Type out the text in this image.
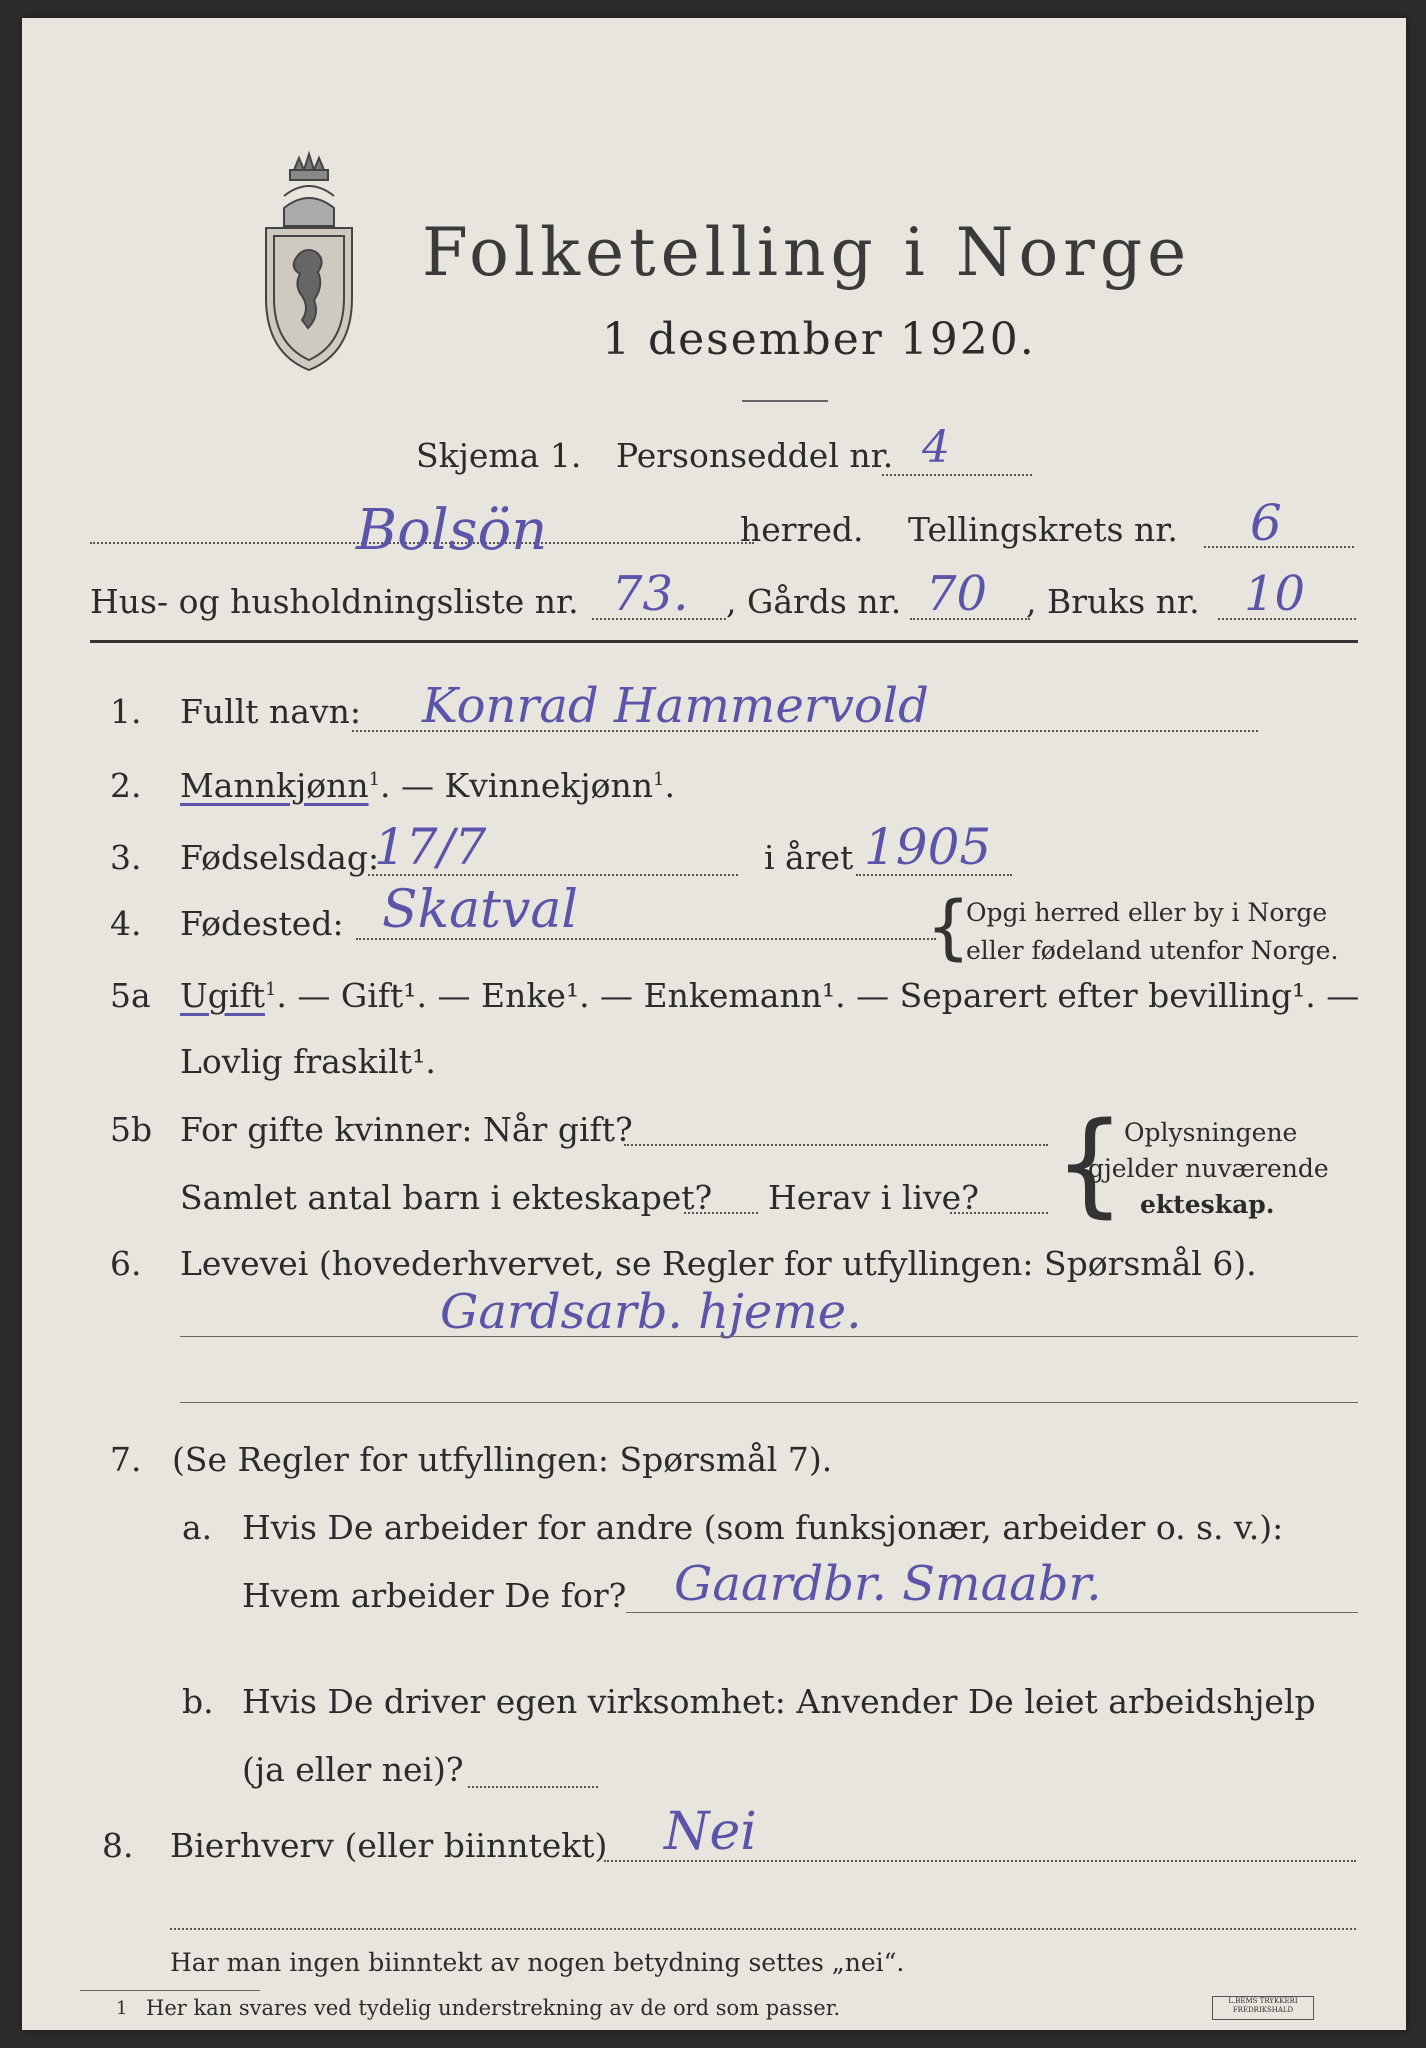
Folketelling i Norge
1 desember 1920.
Skjema 1. Personseddel nr. 4
Bolsön	herred. Tellingskrets nr. 6
Hus- og husholdningsliste nr. 73. , Gårds nr. 70 , Bruks nr. 10
1. Fullt navn: Konrad Hammervold
2. Mannkjønn$^1$. — Kvinnekjønn$^1$.
3. Fødselsdag:
17/7	i året 1905
4. Fødested: Skatval	{
Opgi herred eller by i Norge
eller fødeland utenfor Norge.
5a Ugift$^1$. — Gift¹. — Enke¹. — Enkemann¹. — Separert efter bevilling¹. —
Lovlig fraskilt¹.
5b For gifte kvinner: Når gift?
Samlet antal barn i ekteskapet? Herav i live? {
Oplysningene
gjelder nuværende
ekteskap.
6. Levevei (hovederhvervet, se Regler for utfyllingen: Spørsmål 6).
Gardsarb. hjeme.
7. (Se Regler for utfyllingen: Spørsmål 7).
a. Hvis De arbeider for andre (som funksjonær, arbeider o. s. v.):
Hvem arbeider De for? Gaardbr. Smaabr.
b. Hvis De driver egen virksomhet: Anvender De leiet arbeidshjelp
(ja eller nei)?
8. Bierhverv (eller biinntekt) Nei
Har man ingen biinntekt av nogen betydning settes „nei“.
1 Her kan svares ved tydelig understrekning av de ord som passer.	L.BEMS TRYKKERI FREDRIKSHALD
